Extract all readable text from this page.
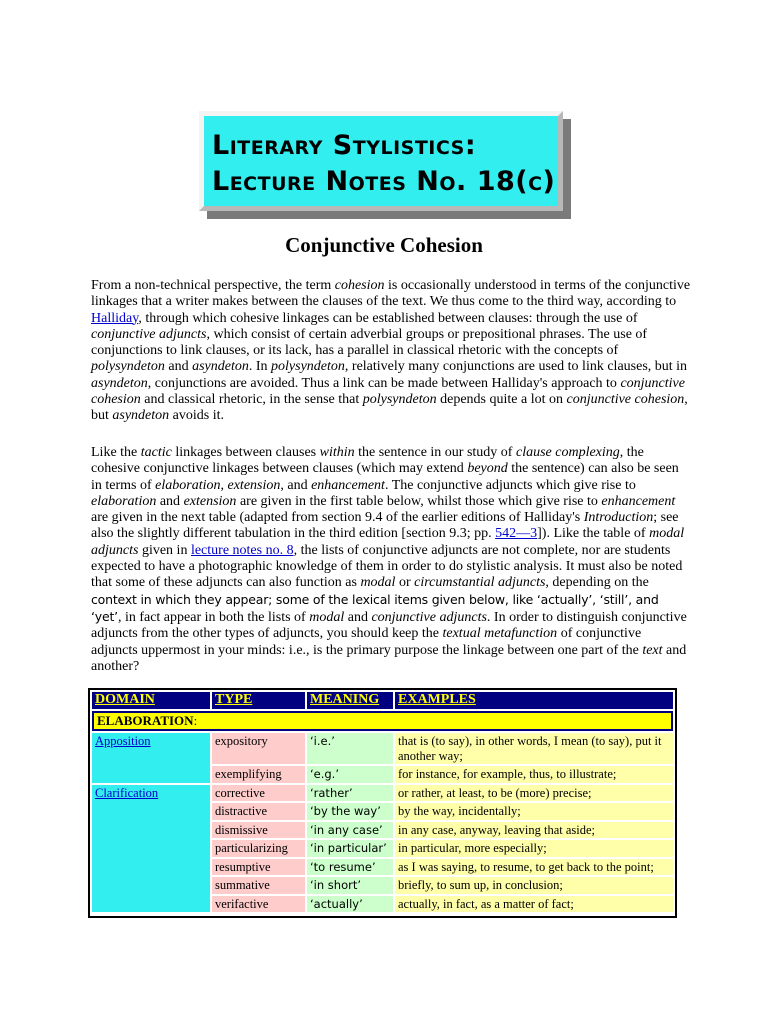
Literary Stylistics:
Lecture Notes No. 18(c)
Conjunctive Cohesion

From a non-technical perspective, the term cohesion is occasionally understood in terms of the conjunctive linkages that a writer makes between the clauses of the text. We thus come to the third way, according to Halliday, through which cohesive linkages can be established between clauses: through the use of conjunctive adjuncts, which consist of certain adverbial groups or prepositional phrases. The use of conjunctions to link clauses, or its lack, has a parallel in classical rhetoric with the concepts of polysyndeton and asyndeton. In polysyndeton, relatively many conjunctions are used to link clauses, but in asyndeton, conjunctions are avoided. Thus a link can be made between Halliday's approach to conjunctive cohesion and classical rhetoric, in the sense that polysyndeton depends quite a lot on conjunctive cohesion, but asyndeton avoids it.

Like the tactic linkages between clauses within the sentence in our study of clause complexing, the cohesive conjunctive linkages between clauses (which may extend beyond the sentence) can also be seen in terms of elaboration, extension, and enhancement. The conjunctive adjuncts which give rise to elaboration and extension are given in the first table below, whilst those which give rise to enhancement are given in the next table (adapted from section 9.4 of the earlier editions of Halliday's Introduction; see also the slightly different tabulation in the third edition [section 9.3; pp. 542—3]). Like the table of modal adjuncts given in lecture notes no. 8, the lists of conjunctive adjuncts are not complete, nor are students expected to have a photographic knowledge of them in order to do stylistic analysis. It must also be noted that some of these adjuncts can also function as modal or circumstantial adjuncts, depending on the context in which they appear; some of the lexical items given below, like ‘actually’, ‘still’, and ‘yet’, in fact appear in both the lists of modal and conjunctive adjuncts. In order to distinguish conjunctive adjuncts from the other types of adjuncts, you should keep the textual metafunction of conjunctive adjuncts uppermost in your minds: i.e., is the primary purpose the linkage between one part of the text and another?

DOMAIN	TYPE	MEANING	EXAMPLES
ELABORATION:			
Apposition	expository	‘i.e.’	that is (to say), in other words, I mean (to say), put it another way;
	exemplifying	‘e.g.’	for instance, for example, thus, to illustrate;
Clarification	corrective	‘rather’	or rather, at least, to be (more) precise;
	distractive	‘by the way’	by the way, incidentally;
	dismissive	‘in any case’	in any case, anyway, leaving that aside;
	particularizing	‘in particular’	in particular, more especially;
	resumptive	‘to resume’	as I was saying, to resume, to get back to the point;
	summative	‘in short’	briefly, to sum up, in conclusion;
	verifactive	‘actually’	actually, in fact, as a matter of fact;
